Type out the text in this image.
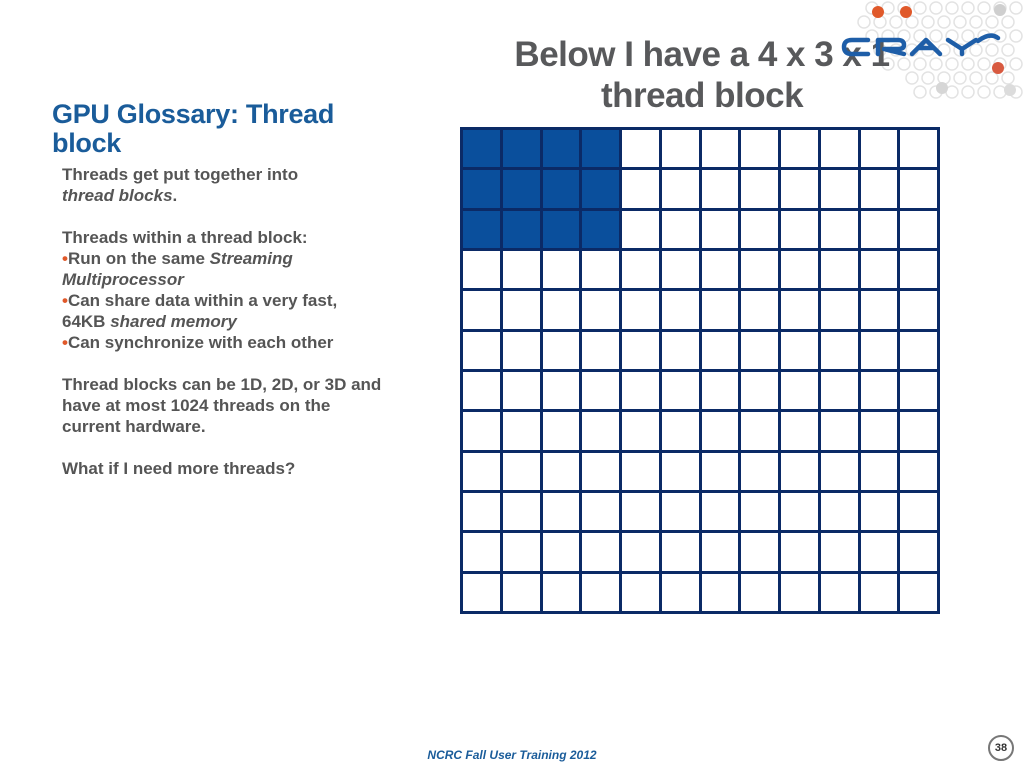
GPU Glossary: Thread block
Below I have a 4 x 3 x 1
thread block

Threads get put together into
thread blocks.

Threads within a thread block:

•Run on the same Streaming Multiprocessor

•Can share data within a very fast, 64KB shared memory

•Can synchronize with each other

Thread blocks can be 1D, 2D, or 3D and have at most 1024 threads on the current hardware.

What if I need more threads?

NCRC Fall User Training 2012	38
